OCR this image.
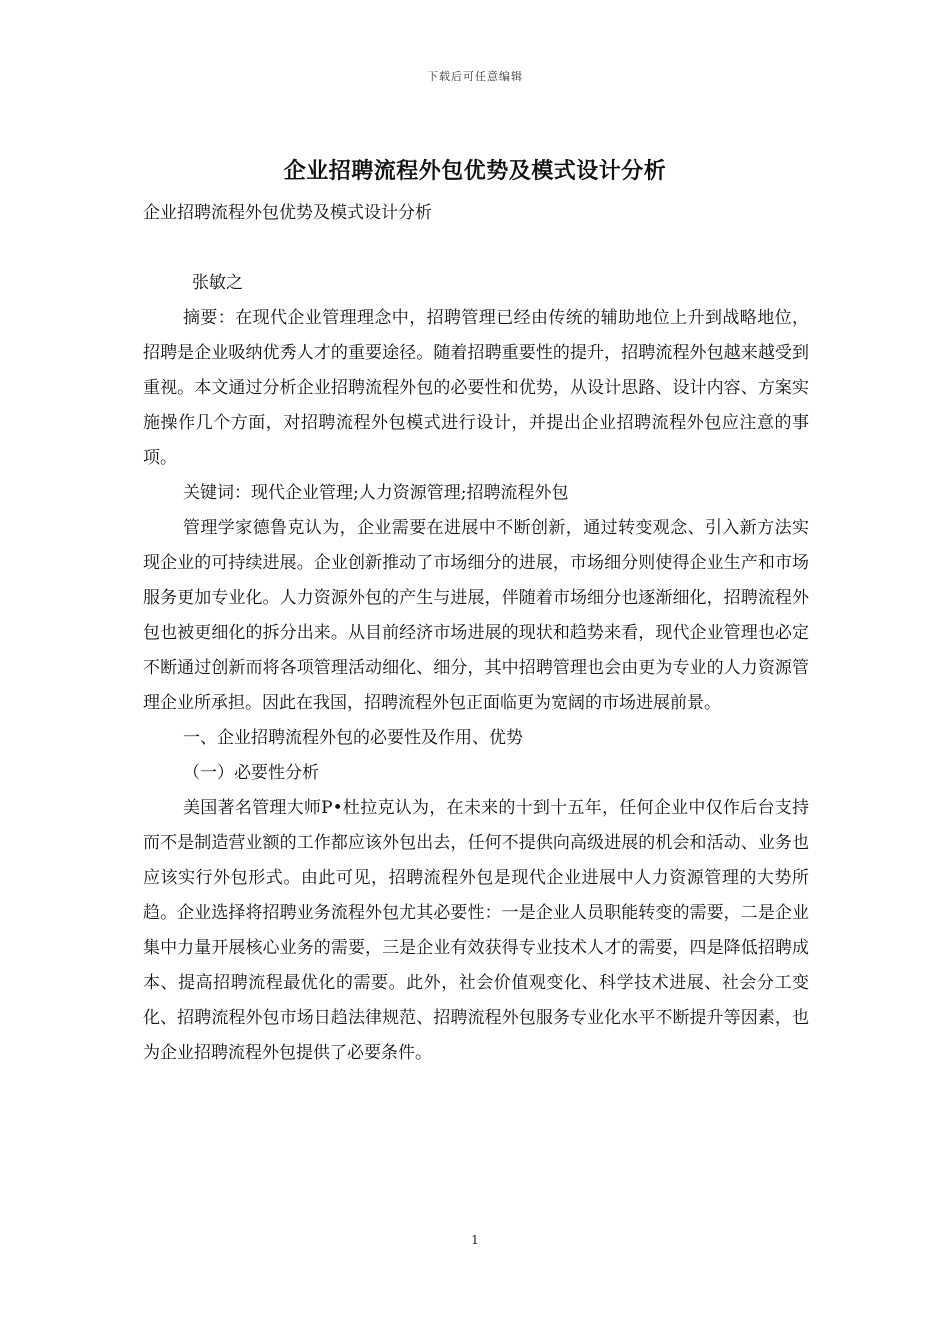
下载后可任意编辑
企业招聘流程外包优势及模式设计分析

企业招聘流程外包优势及模式设计分析

张敏之

摘要：在现代企业管理理念中，招聘管理已经由传统的辅助地位上升到战略地位，招聘是企业吸纳优秀人才的重要途径。随着招聘重要性的提升，招聘流程外包越来越受到重视。本文通过分析企业招聘流程外包的必要性和优势，从设计思路、设计内容、方案实施操作几个方面，对招聘流程外包模式进行设计，并提出企业招聘流程外包应注意的事项。

关键词：现代企业管理;人力资源管理;招聘流程外包

管理学家德鲁克认为，企业需要在进展中不断创新，通过转变观念、引入新方法实现企业的可持续进展。企业创新推动了市场细分的进展，市场细分则使得企业生产和市场服务更加专业化。人力资源外包的产生与进展，伴随着市场细分也逐渐细化，招聘流程外包也被更细化的拆分出来。从目前经济市场进展的现状和趋势来看，现代企业管理也必定不断通过创新而将各项管理活动细化、细分，其中招聘管理也会由更为专业的人力资源管理企业所承担。因此在我国，招聘流程外包正面临更为宽阔的市场进展前景。

一、企业招聘流程外包的必要性及作用、优势

（一）必要性分析

美国著名管理大师P•杜拉克认为，在未来的十到十五年，任何企业中仅作后台支持而不是制造营业额的工作都应该外包出去，任何不提供向高级进展的机会和活动、业务也应该实行外包形式。由此可见，招聘流程外包是现代企业进展中人力资源管理的大势所趋。企业选择将招聘业务流程外包尤其必要性：一是企业人员职能转变的需要，二是企业集中力量开展核心业务的需要，三是企业有效获得专业技术人才的需要，四是降低招聘成本、提高招聘流程最优化的需要。此外，社会价值观变化、科学技术进展、社会分工变化、招聘流程外包市场日趋法律规范、招聘流程外包服务专业化水平不断提升等因素，也为企业招聘流程外包提供了必要条件。

1
